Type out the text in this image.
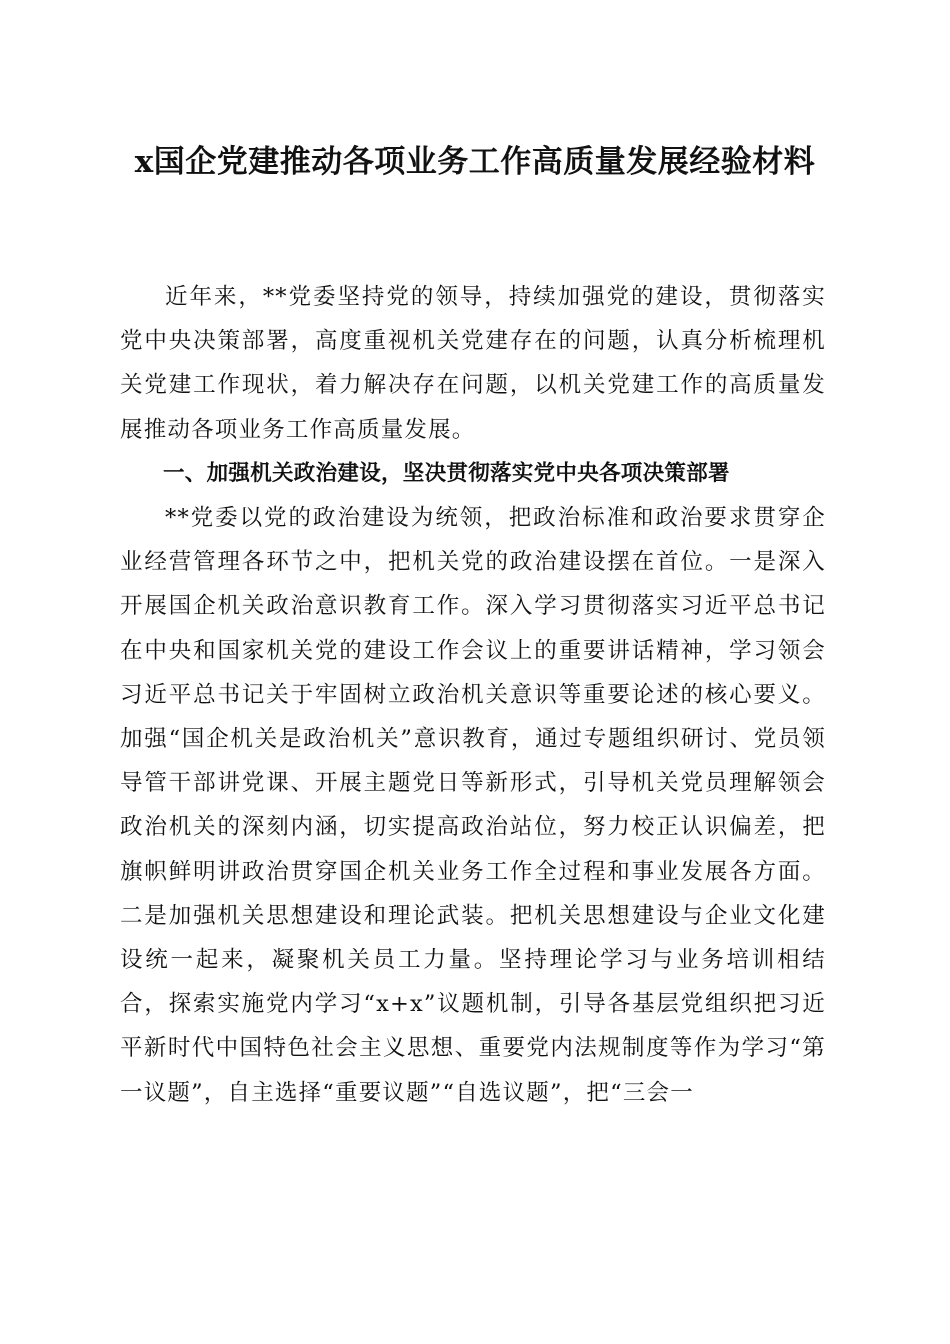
x国企党建推动各项业务工作高质量发展经验材料

近年来，**党委坚持党的领导，持续加强党的建设，贯彻落实党中央决策部署，高度重视机关党建存在的问题，认真分析梳理机关党建工作现状，着力解决存在问题，以机关党建工作的高质量发展推动各项业务工作高质量发展。

一、加强机关政治建设，坚决贯彻落实党中央各项决策部署

**党委以党的政治建设为统领，把政治标准和政治要求贯穿企业经营管理各环节之中，把机关党的政治建设摆在首位。一是深入开展国企机关政治意识教育工作。深入学习贯彻落实习近平总书记在中央和国家机关党的建设工作会议上的重要讲话精神，学习领会习近平总书记关于牢固树立政治机关意识等重要论述的核心要义。加强“国企机关是政治机关”意识教育，通过专题组织研讨、党员领导管干部讲党课、开展主题党日等新形式，引导机关党员理解领会政治机关的深刻内涵，切实提高政治站位，努力校正认识偏差，把旗帜鲜明讲政治贯穿国企机关业务工作全过程和事业发展各方面。二是加强机关思想建设和理论武装。把机关思想建设与企业文化建设统一起来，凝聚机关员工力量。坚持理论学习与业务培训相结合，探索实施党内学习“x+x”议题机制，引导各基层党组织把习近平新时代中国特色社会主义思想、重要党内法规制度等作为学习“第一议题”，自主选择“重要议题”“自选议题”，把“三会一
